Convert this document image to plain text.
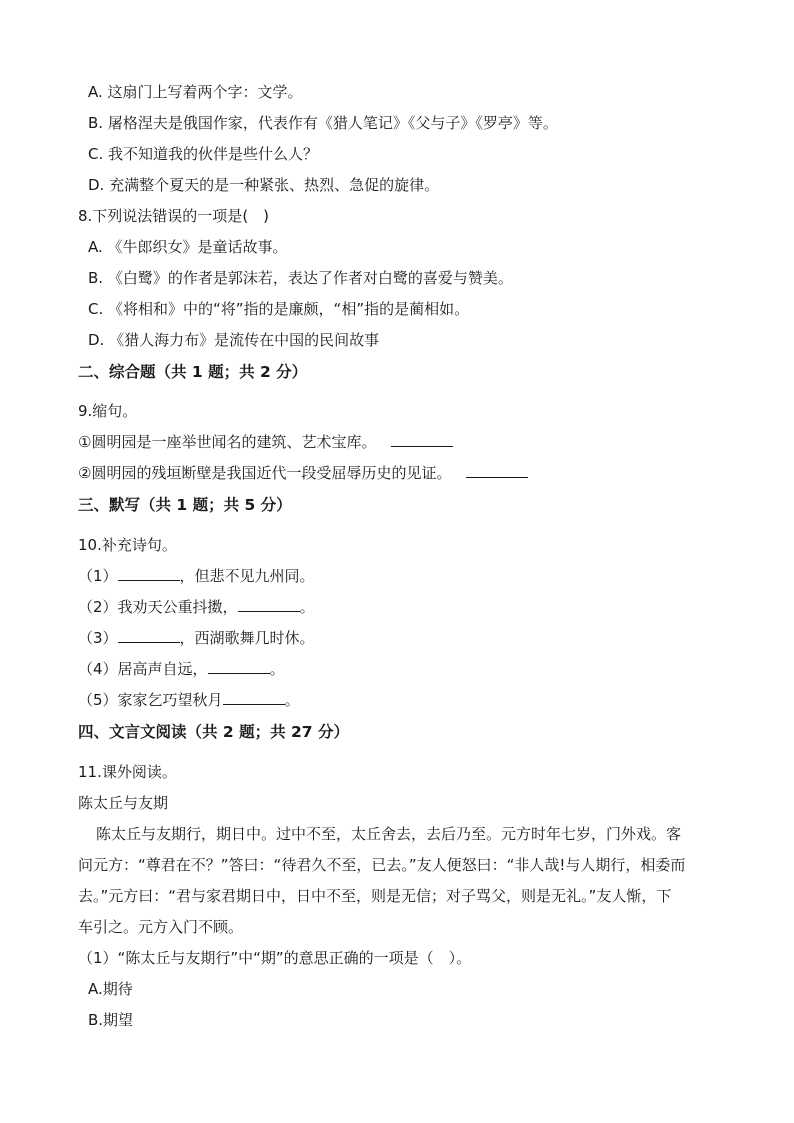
A. 这扇门上写着两个字：文学。
B. 屠格涅夫是俄国作家，代表作有《猎人笔记》《父与子》《罗亭》等。
C. 我不知道我的伙伴是些什么人？
D. 充满整个夏天的是一种紧张、热烈、急促的旋律。
8.下列说法错误的一项是(　)
A. 《牛郎织女》是童话故事。
B. 《白鹭》的作者是郭沫若，表达了作者对白鹭的喜爱与赞美。
C. 《将相和》中的“将”指的是廉颇，“相”指的是蔺相如。
D. 《猎人海力布》是流传在中国的民间故事
二、综合题（共 1 题；共 2 分）
9.缩句。
①圆明园是一座举世闻名的建筑、艺术宝库。
②圆明园的残垣断壁是我国近代一段受屈辱历史的见证。
三、默写（共 1 题；共 5 分）
10.补充诗句。
（1）	，但悲不见九州同。
（2）我劝天公重抖擞，	。
（3）	，西湖歌舞几时休。
（4）居高声自远，	。
（5）家家乞巧望秋月	。
四、文言文阅读（共 2 题；共 27 分）
11.课外阅读。
陈太丘与友期
陈太丘与友期行，期日中。过中不至，太丘舍去，去后乃至。元方时年七岁，门外戏。客
问元方：“尊君在不？”答曰：“待君久不至，已去。”友人便怒曰：“非人哉!与人期行，相委而
去。”元方曰：“君与家君期日中，日中不至，则是无信；对子骂父，则是无礼。”友人惭，下
车引之。元方入门不顾。
（1）“陈太丘与友期行”中“期”的意思正确的一项是（　）。
A.期待
B.期望
